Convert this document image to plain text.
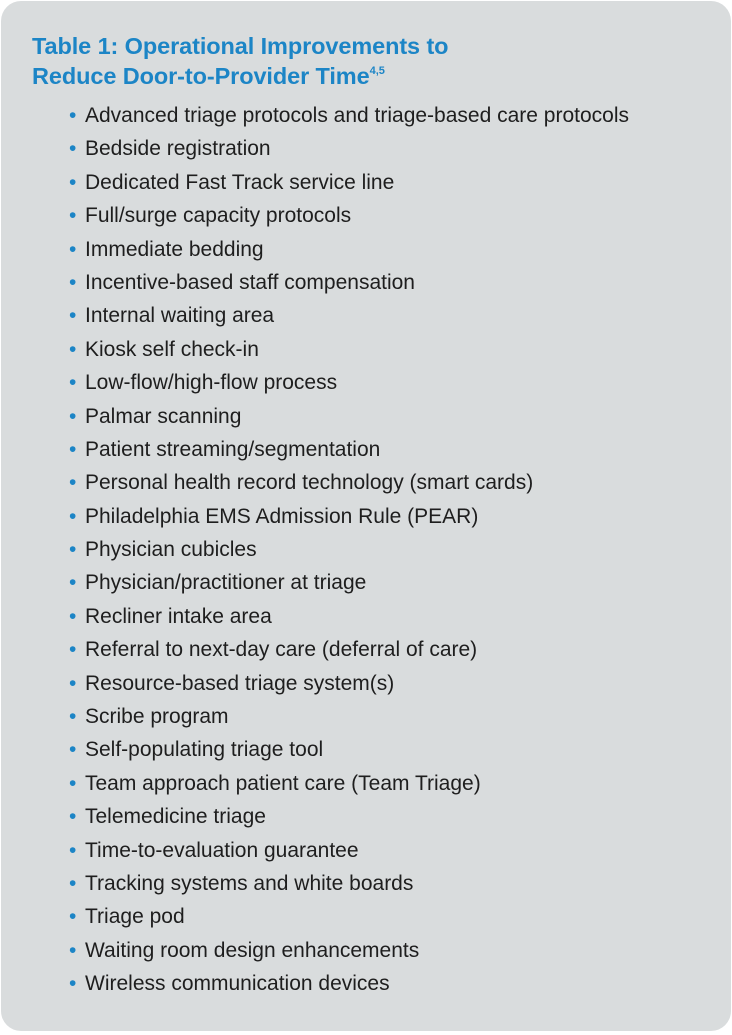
Table 1: Operational Improvements to
Reduce Door-to-Provider Time$^{4,5}$
• Advanced triage protocols and triage-based care protocols
• Bedside registration
• Dedicated Fast Track service line
• Full/surge capacity protocols
• Immediate bedding
• Incentive-based staff compensation
• Internal waiting area
• Kiosk self check-in
• Low-flow/high-flow process
• Palmar scanning
• Patient streaming/segmentation
• Personal health record technology (smart cards)
• Philadelphia EMS Admission Rule (PEAR)
• Physician cubicles
• Physician/practitioner at triage
• Recliner intake area
• Referral to next-day care (deferral of care)
• Resource-based triage system(s)
• Scribe program
• Self-populating triage tool
• Team approach patient care (Team Triage)
• Telemedicine triage
• Time-to-evaluation guarantee
• Tracking systems and white boards
• Triage pod
• Waiting room design enhancements
• Wireless communication devices
